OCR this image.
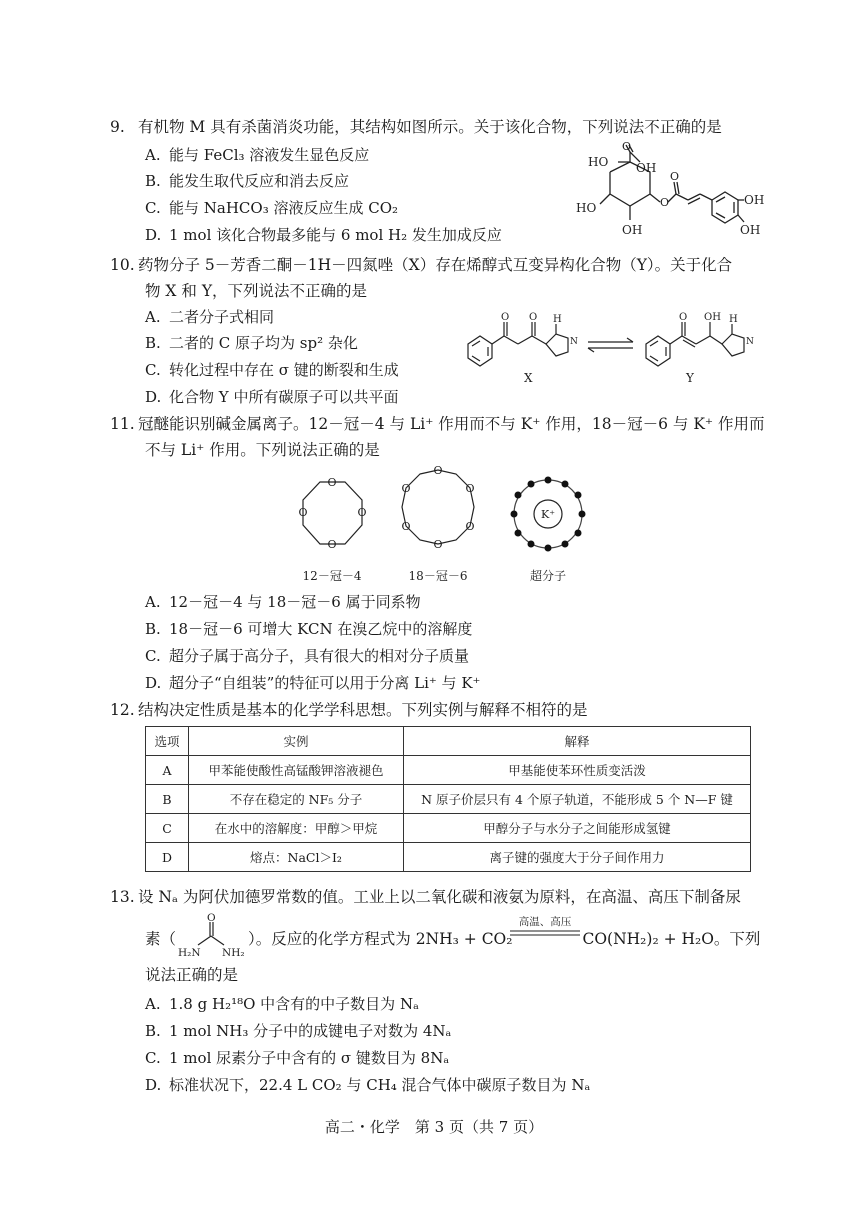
9. 有机物 M 具有杀菌消炎功能，其结构如图所示。关于该化合物，下列说法不正确的是
A. 能与 FeCl₃ 溶液发生显色反应
B. 能发生取代反应和消去反应
C. 能与 NaHCO₃ 溶液反应生成 CO₂
D. 1 mol 该化合物最多能与 6 mol H₂ 发生加成反应
HO OH
O
HO
OH
O
O
OH
OH
10. 药物分子 5－芳香二酮－1H－四氮唑（X）存在烯醇式互变异构化合物（Y）。关于化合
物 X 和 Y，下列说法不正确的是
A. 二者分子式相同
B. 二者的 C 原子均为 sp² 杂化
C. 转化过程中存在 σ 键的断裂和生成
D. 化合物 Y 中所有碳原子可以共平面
O O H
N
O OH H
N
X	Y
11. 冠醚能识别碱金属离子。12－冠－4 与 Li⁺ 作用而不与 K⁺ 作用，18－冠－6 与 K⁺ 作用而
不与 Li⁺ 作用。下列说法正确的是
O
O
O
O
O
O
O
O
O
O
K⁺
12－冠－4	18－冠－6	超分子
A. 12－冠－4 与 18－冠－6 属于同系物
B. 18－冠－6 可增大 KCN 在溴乙烷中的溶解度
C. 超分子属于高分子，具有很大的相对分子质量
D. 超分子“自组装”的特征可以用于分离 Li⁺ 与 K⁺
12. 结构决定性质是基本的化学学科思想。下列实例与解释不相符的是
选项	实例	解释
A	甲苯能使酸性高锰酸钾溶液褪色	甲基能使苯环性质变活泼
B	不存在稳定的 NF₅ 分子	N 原子价层只有 4 个原子轨道，不能形成 5 个 N—F 键
C	在水中的溶解度：甲醇＞甲烷	甲醇分子与水分子之间能形成氢键
D	熔点：NaCl＞I₂	离子键的强度大于分子间作用力
13. 设 Nₐ 为阿伏加德罗常数的值。工业上以二氧化碳和液氨为原料，在高温、高压下制备尿
素（	）。反应的化学方程式为 2NH₃ + CO₂	CO(NH₂)₂ + H₂O。下列
O
H₂N NH₂
高温、高压
说法正确的是
A. 1.8 g H₂¹⁸O 中含有的中子数目为 Nₐ
B. 1 mol NH₃ 分子中的成键电子对数为 4Nₐ
C. 1 mol 尿素分子中含有的 σ 键数目为 8Nₐ
D. 标准状况下，22.4 L CO₂ 与 CH₄ 混合气体中碳原子数目为 Nₐ
高二・化学　第 3 页（共 7 页）
